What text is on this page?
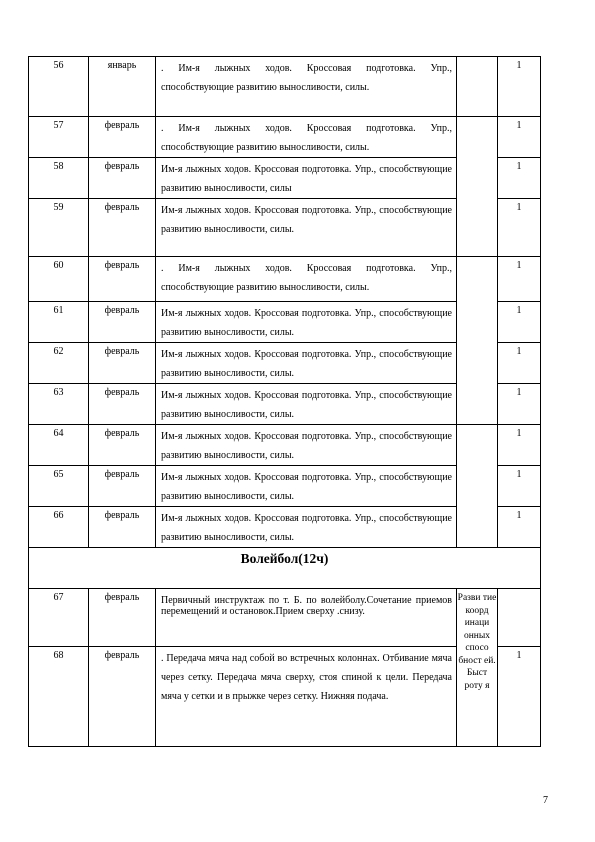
56	январь	. Им-я лыжных ходов. Кроссовая подготовка. Упр., способствующие развитию выносливости, силы.		1
57	февраль	. Им-я лыжных ходов. Кроссовая подготовка. Упр., способствующие развитию выносливости, силы.		1
58	февраль	Им-я лыжных ходов. Кроссовая подготовка. Упр., способствующие развитию выносливости, силы		1
59	февраль	Им-я лыжных ходов. Кроссовая подготовка. Упр., способствующие развитию выносливости, силы.		1
60	февраль	. Им-я лыжных ходов. Кроссовая подготовка. Упр., способствующие развитию выносливости, силы.		1
61	февраль	Им-я лыжных ходов. Кроссовая подготовка. Упр., способствующие развитию выносливости, силы.		1
62	февраль	Им-я лыжных ходов. Кроссовая подготовка. Упр., способствующие развитию выносливости, силы.		1
63	февраль	Им-я лыжных ходов. Кроссовая подготовка. Упр., способствующие развитию выносливости, силы.		1
64	февраль	Им-я лыжных ходов. Кроссовая подготовка. Упр., способствующие развитию выносливости, силы.		1
65	февраль	Им-я лыжных ходов. Кроссовая подготовка. Упр., способствующие развитию выносливости, силы.		1
66	февраль	Им-я лыжных ходов. Кроссовая подготовка. Упр., способствующие развитию выносливости, силы.		1
Волейбол(12ч)				
67	февраль	Первичный инструктаж по т. Б. по волейболу.Сочетание приемов перемещений и остановок.Прием сверху .снизу.	Разви тие коорд инаци онных спосо бност ей. Быст роту я	
68	февраль	. Передача мяча над собой во встречных колоннах. Отбивание мяча через сетку. Передача мяча сверху, стоя спиной к цели. Передача мяча у сетки и в прыжке через сетку. Нижняя подача.		1
7
